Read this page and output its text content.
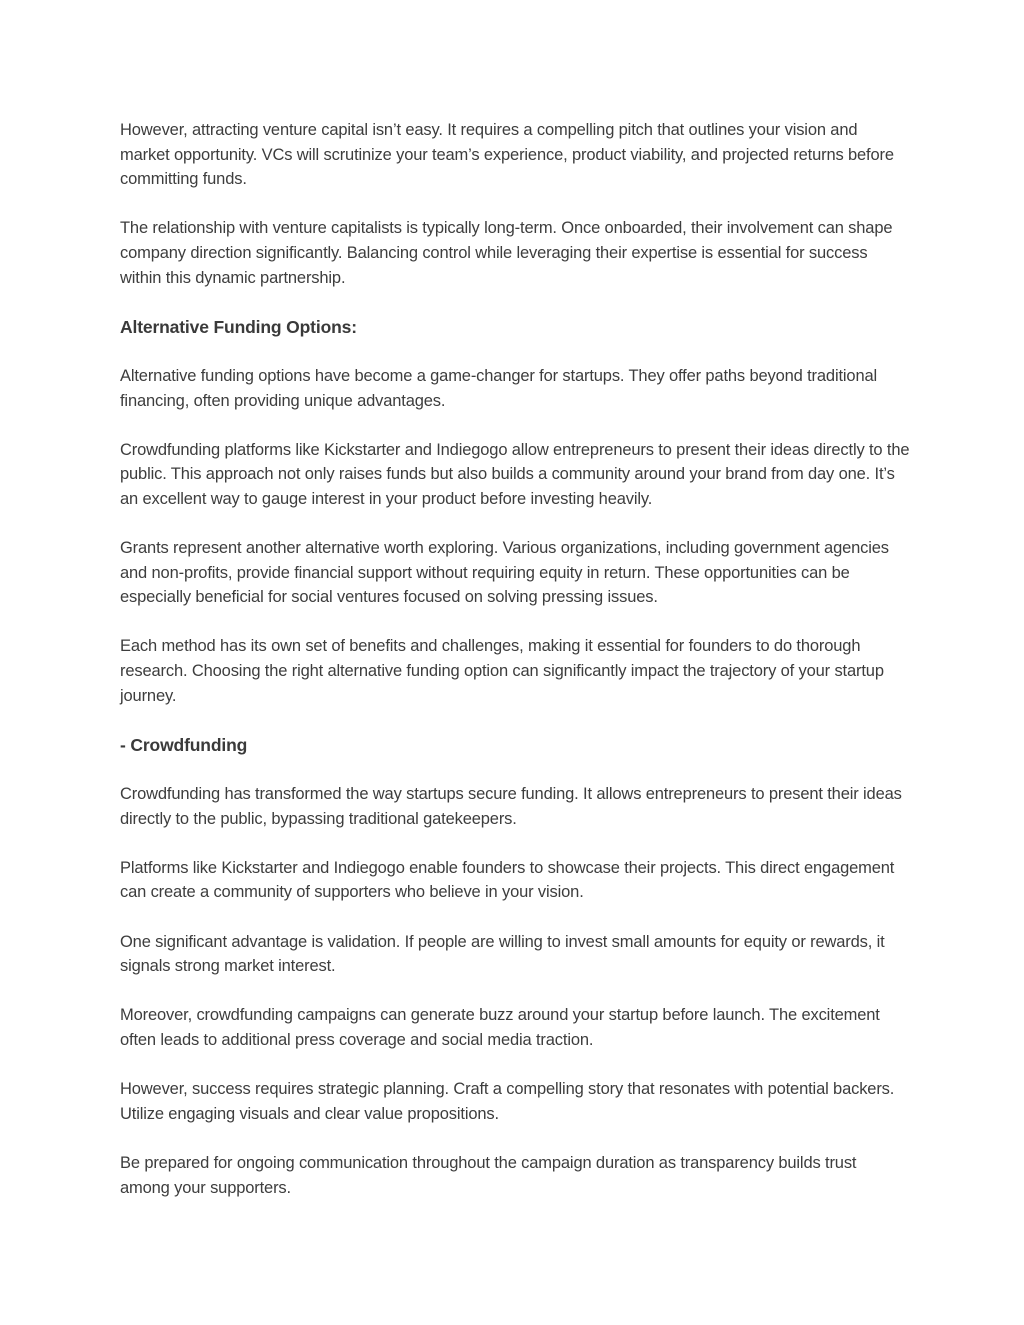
However, attracting venture capital isn’t easy. It requires a compelling pitch that outlines your vision and market opportunity. VCs will scrutinize your team’s experience, product viability, and projected returns before committing funds.

The relationship with venture capitalists is typically long-term. Once onboarded, their involvement can shape company direction significantly. Balancing control while leveraging their expertise is essential for success within this dynamic partnership.

Alternative Funding Options:

Alternative funding options have become a game-changer for startups. They offer paths beyond traditional financing, often providing unique advantages.

Crowdfunding platforms like Kickstarter and Indiegogo allow entrepreneurs to present their ideas directly to the public. This approach not only raises funds but also builds a community around your brand from day one. It’s an excellent way to gauge interest in your product before investing heavily.

Grants represent another alternative worth exploring. Various organizations, including government agencies and non-profits, provide financial support without requiring equity in return. These opportunities can be especially beneficial for social ventures focused on solving pressing issues.

Each method has its own set of benefits and challenges, making it essential for founders to do thorough research. Choosing the right alternative funding option can significantly impact the trajectory of your startup journey.

- Crowdfunding

Crowdfunding has transformed the way startups secure funding. It allows entrepreneurs to present their ideas directly to the public, bypassing traditional gatekeepers.

Platforms like Kickstarter and Indiegogo enable founders to showcase their projects. This direct engagement can create a community of supporters who believe in your vision.

One significant advantage is validation. If people are willing to invest small amounts for equity or rewards, it signals strong market interest.

Moreover, crowdfunding campaigns can generate buzz around your startup before launch. The excitement often leads to additional press coverage and social media traction.

However, success requires strategic planning. Craft a compelling story that resonates with potential backers. Utilize engaging visuals and clear value propositions.

Be prepared for ongoing communication throughout the campaign duration as transparency builds trust among your supporters.
